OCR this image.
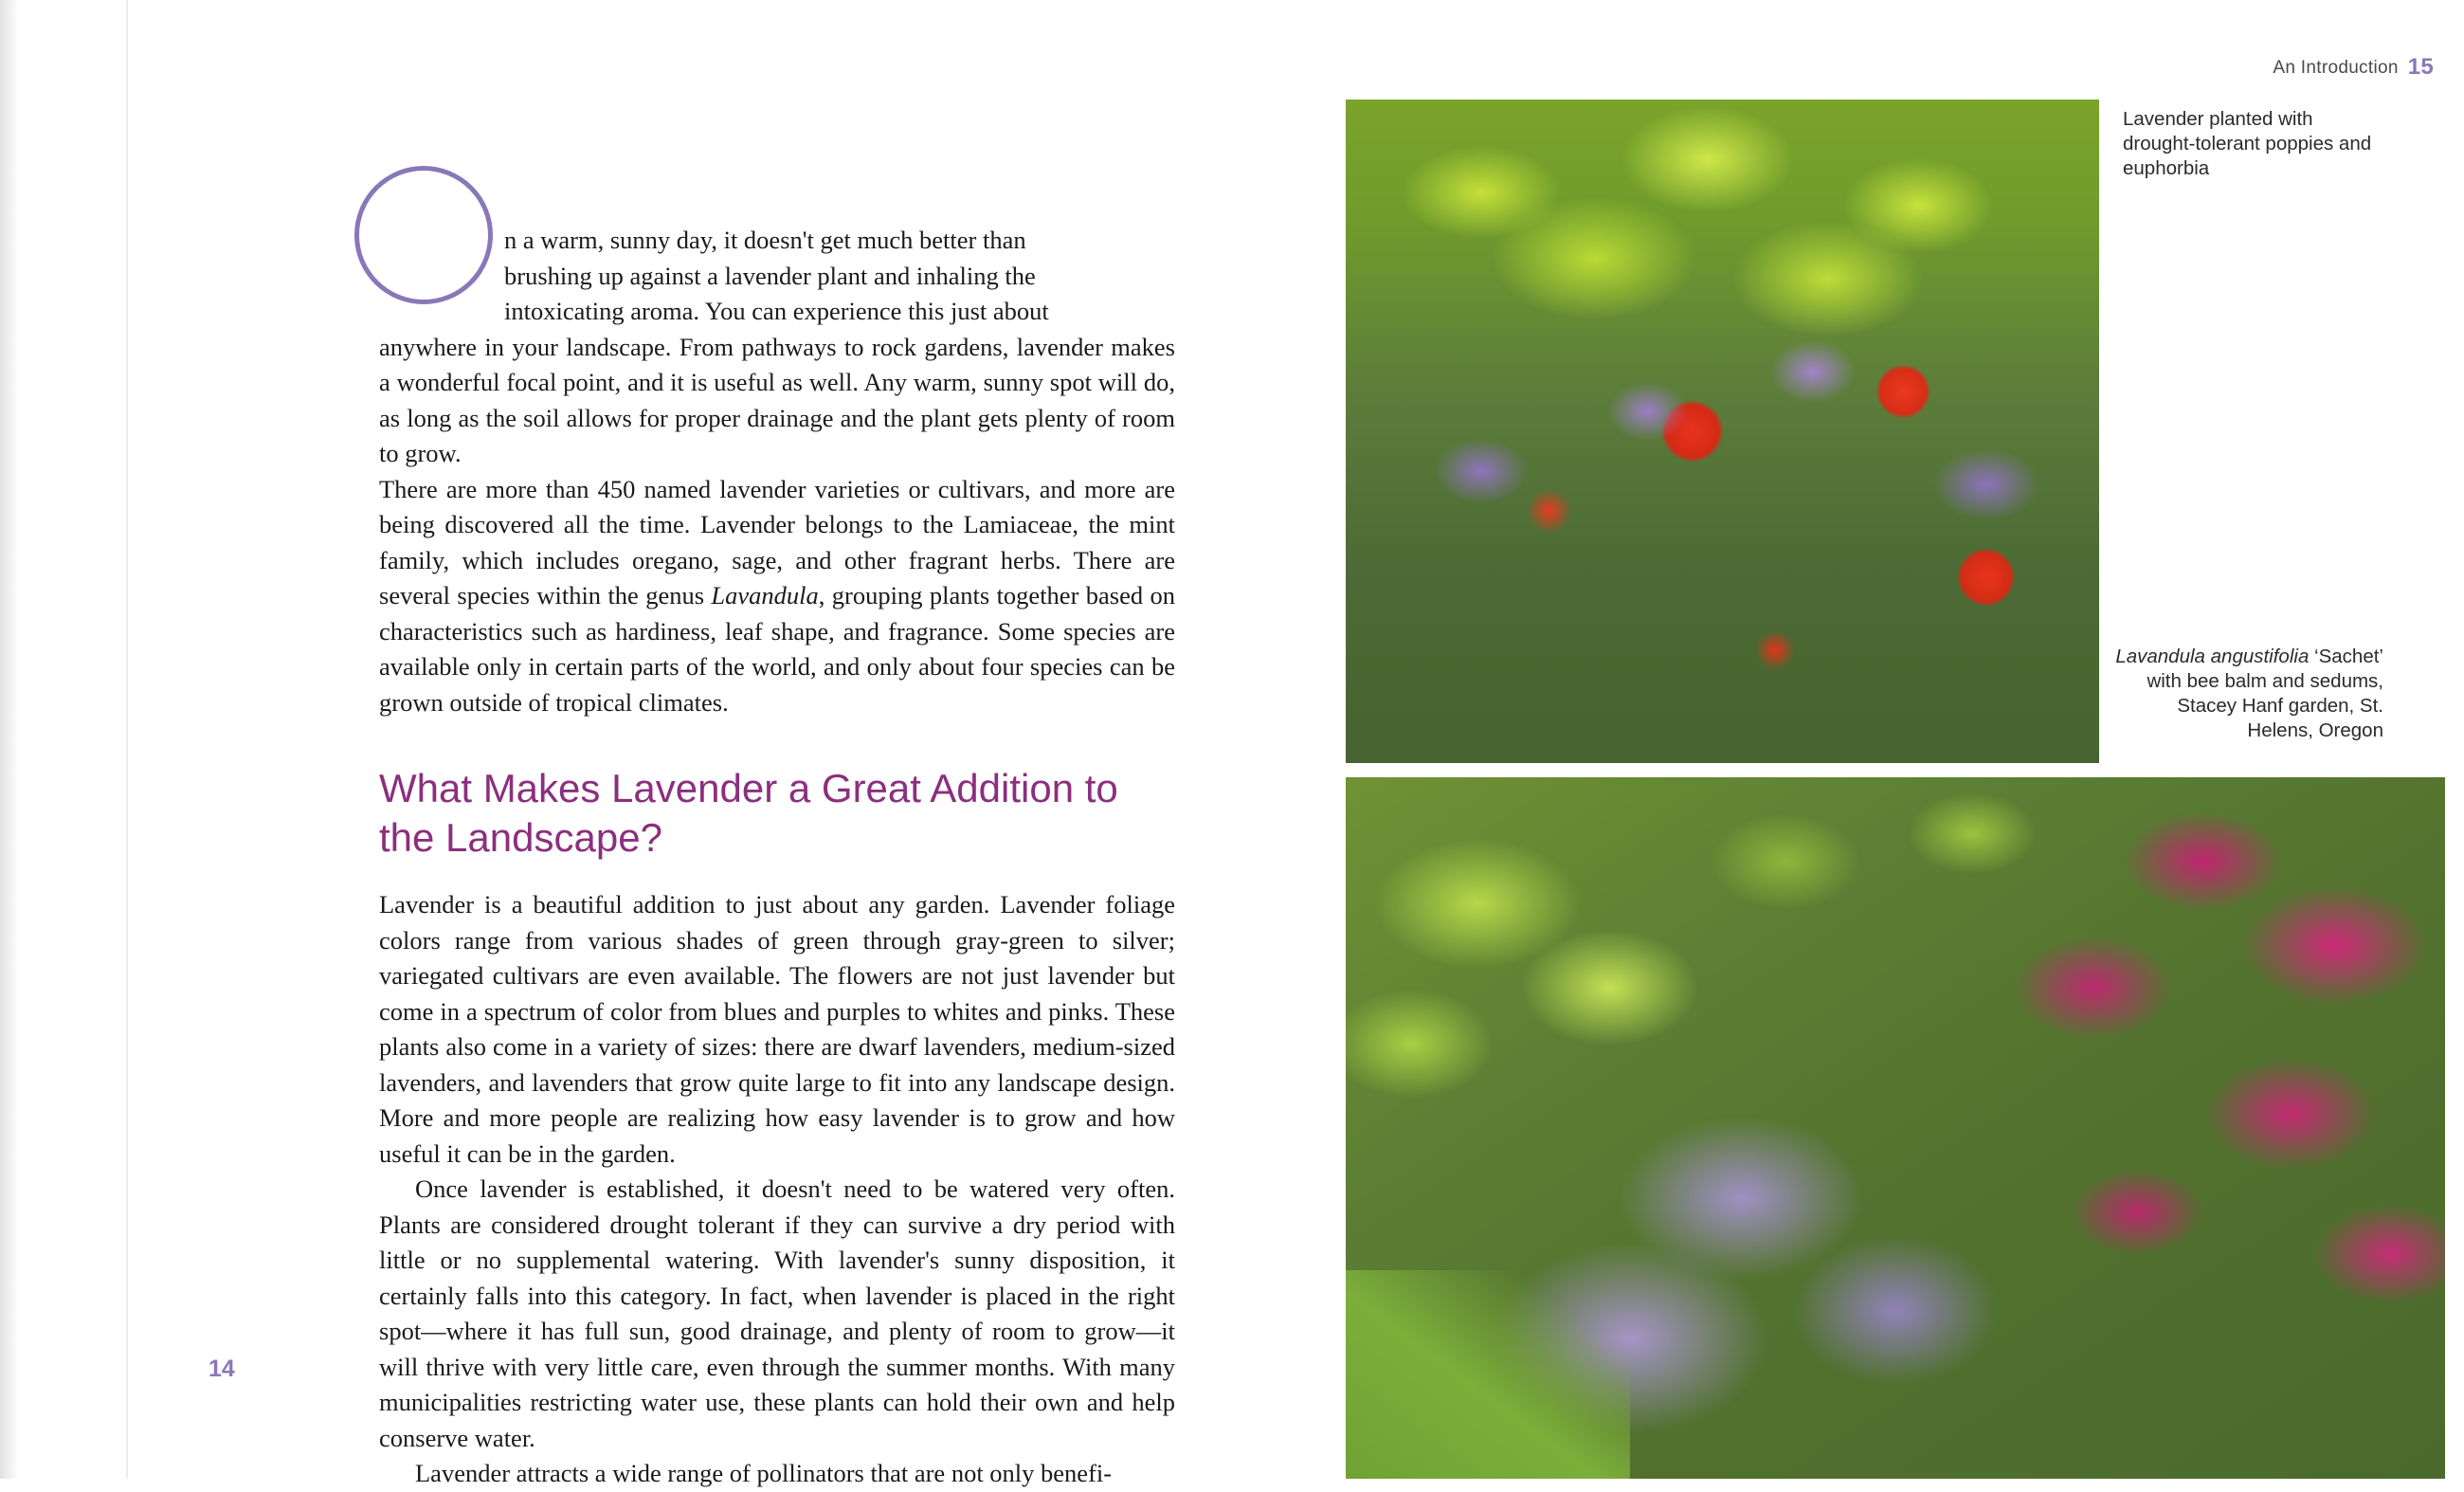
n a warm, sunny day, it doesn't get much better than
brushing up against a lavender plant and inhaling the
intoxicating aroma. You can experience this just about

anywhere in your landscape. From pathways to rock gardens, lavender makes a wonderful focal point, and it is useful as well. Any warm, sunny spot will do, as long as the soil allows for proper drainage and the plant gets plenty of room to grow.

There are more than 450 named lavender varieties or cultivars, and more are being discovered all the time. Lavender belongs to the Lamiaceae, the mint family, which includes oregano, sage, and other fragrant herbs. There are several species within the genus Lavandula, grouping plants together based on characteristics such as hardiness, leaf shape, and fragrance. Some species are available only in certain parts of the world, and only about four species can be grown outside of tropical climates.

What Makes Lavender a Great Addition to the Landscape?

Lavender is a beautiful addition to just about any garden. Lavender foliage colors range from various shades of green through gray-green to silver; variegated cultivars are even available. The flowers are not just lavender but come in a spectrum of color from blues and purples to whites and pinks. These plants also come in a variety of sizes: there are dwarf lavenders, medium-sized lavenders, and lavenders that grow quite large to fit into any landscape design. More and more people are realizing how easy lavender is to grow and how useful it can be in the garden.

Once lavender is established, it doesn't need to be watered very often. Plants are considered drought tolerant if they can survive a dry period with little or no supplemental watering. With lavender's sunny disposition, it certainly falls into this category. In fact, when lavender is placed in the right spot—where it has full sun, good drainage, and plenty of room to grow—it will thrive with very little care, even through the summer months. With many municipalities restricting water use, these plants can hold their own and help conserve water.

Lavender attracts a wide range of pollinators that are not only benefi-

14
An Introduction 15
Lavender planted with drought-tolerant poppies and euphorbia
Lavandula angustifolia ‘Sachet’ with bee balm and sedums, Stacey Hanf garden, St. Helens, Oregon
